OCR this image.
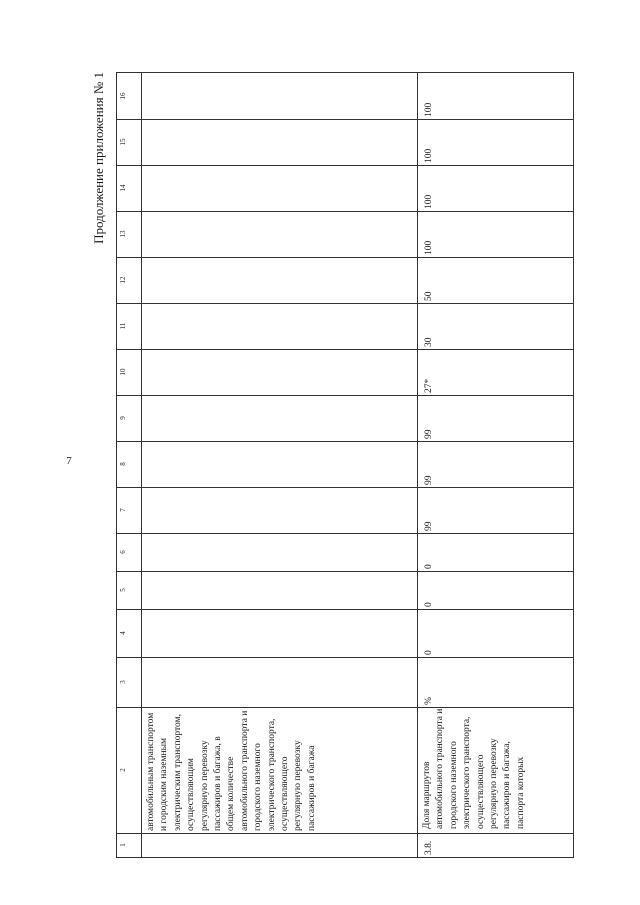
7
Продолжение приложения № 1	16
15
14
13
12
11
10
9
8
7
6
5
4
3
2
1
автомобильным транспортом и городским наземным электрическим транспортом, осуществляющим регулярную перевозку пассажиров и багажа, в общем количестве автомобильного транспорта и городского наземного электрического транспорта, осуществляющего регулярную перевозку пассажиров и багажа
3.8.
Доля маршрутов автомобильного транспорта и городского наземного электрического транспорта, осуществляющего регулярную перевозку пассажиров и багажа, паспорта которых
%
0
0
0
99
99
99
27*
30
50
100
100
100
100
